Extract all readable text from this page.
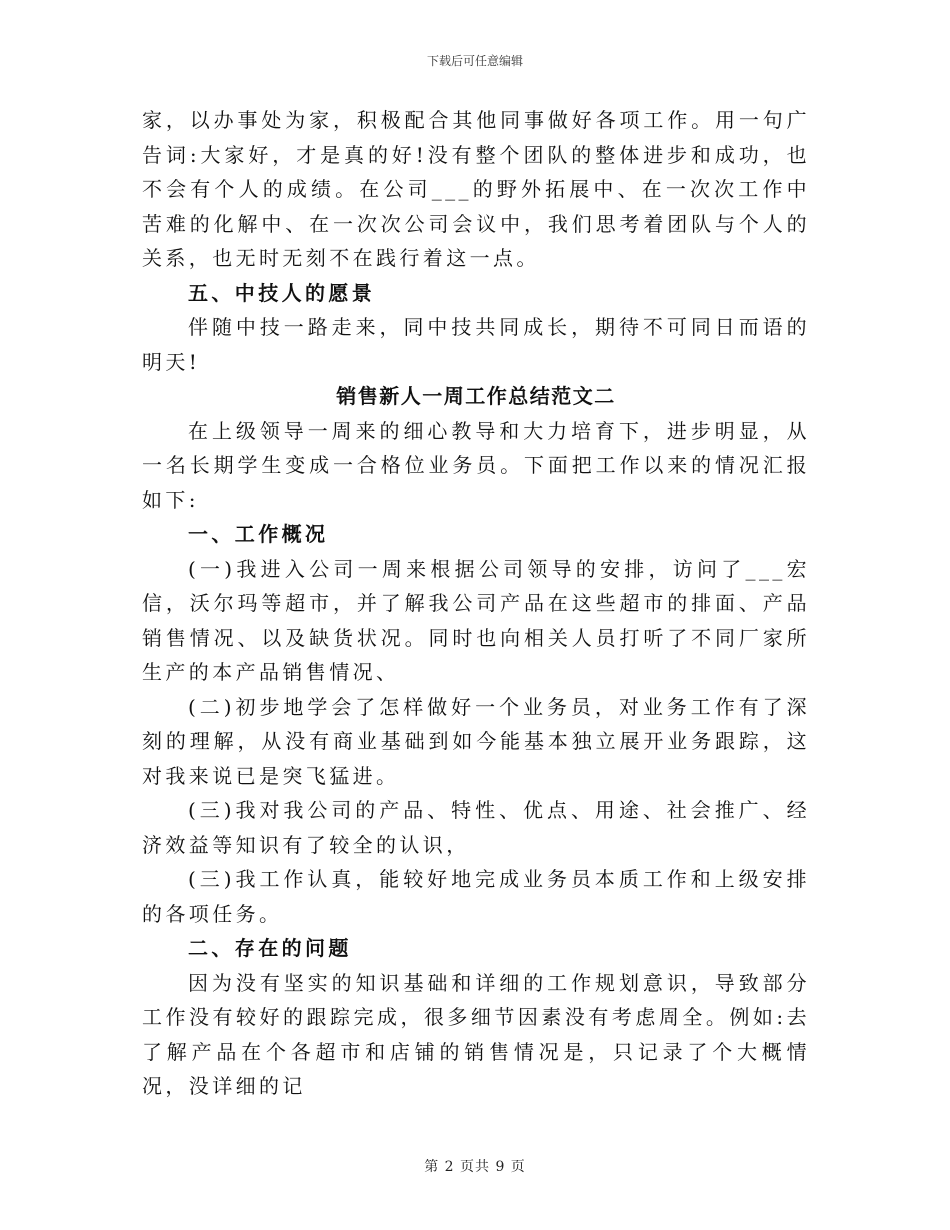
下载后可任意编辑

家，以办事处为家，积极配合其他同事做好各项工作。用一句广告词:大家好，才是真的好!没有整个团队的整体进步和成功，也不会有个人的成绩。在公司___的野外拓展中、在一次次工作中苦难的化解中、在一次次公司会议中，我们思考着团队与个人的关系，也无时无刻不在践行着这一点。

五、中技人的愿景

伴随中技一路走来，同中技共同成长，期待不可同日而语的明天!

销售新人一周工作总结范文二

在上级领导一周来的细心教导和大力培育下，进步明显，从一名长期学生变成一合格位业务员。下面把工作以来的情况汇报如下:

一、工作概况

(一)我进入公司一周来根据公司领导的安排，访问了___宏信，沃尔玛等超市，并了解我公司产品在这些超市的排面、产品销售情况、以及缺货状况。同时也向相关人员打听了不同厂家所生产的本产品销售情况、

(二)初步地学会了怎样做好一个业务员，对业务工作有了深刻的理解，从没有商业基础到如今能基本独立展开业务跟踪，这对我来说已是突飞猛进。

(三)我对我公司的产品、特性、优点、用途、社会推广、经济效益等知识有了较全的认识，

(三)我工作认真，能较好地完成业务员本质工作和上级安排的各项任务。

二、存在的问题

因为没有坚实的知识基础和详细的工作规划意识，导致部分工作没有较好的跟踪完成，很多细节因素没有考虑周全。例如:去了解产品在个各超市和店铺的销售情况是，只记录了个大概情况，没详细的记

第 2 页共 9 页
